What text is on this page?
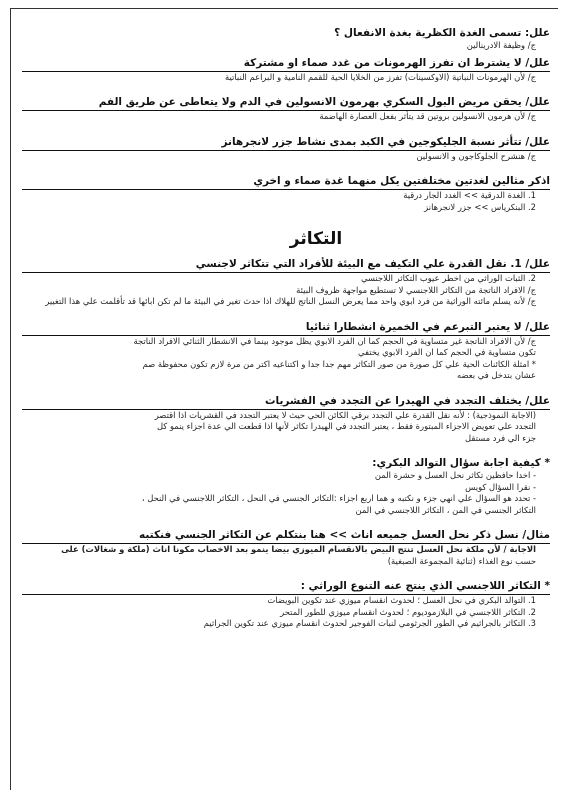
علل: تسمى الغدة الكظرية بغدة الانفعال ؟

ج/ وظيفة الادرينالين

علل/ لا يشترط ان تفرز الهرمونات من غدد صماء او مشتركة

ج/ لأن الهرمونات النباتية (الاوكسينات) تفرز من الخلايا الحية للقمم النامية و البراعم النباتية

علل/ يحقن مريض البول السكري بهرمون الانسولين في الدم ولا يتعاطى عن طريق الفم

ج/ لأن هرمون الانسولين بروتين قد يتأثر بفعل العصارة الهاضمة

علل/ تتأثر نسبة الجليكوجين في الكبد بمدى نشاط جزر لانجرهانز

ج/ هنشرح الجلوكاجون و الانسولين

اذكر مثالين لغدتين مختلفتين يكل منهما غدة صماء و اخري

1. الغدة الدرقية >> الغدد الجار درقية

2. البنكرياس >> جزر لانجرهانز

التكاثر

علل/ 1. نقل القدرة علي التكيف مع البيئة للأفراد التي تتكاثر لاجنسي

2. الثبات الوراثي من اخطر عيوب التكاثر اللاجنسي

ج/ الافراد الناتجة من التكاثر اللاجنسي لا تستطيع مواجهة ظروف البيئة

ج/ لأنه يسلم مائته الوراثية من فرد ابوي واحد مما يعرض النسل الناتج للهلاك اذا حدث تغير في البيئة ما لم تكن ابائها قد تأقلمت علي هذا التغيير

علل/ لا يعتبر التبرعم في الخميرة انشطارا ثنائيا

ج/ لأن الافراد الناتجة غير متساوية في الحجم كما ان الفرد الابوي يظل موجود بينما في الانشطار الثنائي الافراد الناتجة

تكون متساوية في الحجم كما ان الفرد الابوي يختفي

* امثلة الكائنات الحية علي كل صورة من صور التكاثر مهم جدا جدا و اكتناعيه اكتر من مرة لازم تكون محفوظة صم

عشان بتدخل في بعضه

علل/ يختلف التجدد في الهيدرا عن التجدد في الفشريات

(الاجابة النموذجية) : لأنه نقل القدرة علي التجدد برقي الكائن الحي حيث لا يعتبر التجدد في القشريات اذا اقتصر

التجدد علي تعويض الاجزاء المبتورة فقط ، يعتبر التجدد في الهيدرا تكاثر لأنها اذا قطعت الي عدة اجزاء ينمو كل

جزء الي فرد مستقل

* كيفية اجابة سؤال التوالد البكري:

- اخدا حافظين تكاثر نحل العسل و حشرة المن

- نقرا السؤال كويس

- تحدد هو السؤال علي انهي جزء و نكتبه و هما اربع اجزاء :التكاثر الجنسي في النحل ، التكاثر اللاجنسي في النحل ،

التكاثر الجنسي في المن ، التكاثر اللاجنسي في المن

مثال/ نسل ذكر نحل العسل جميعه اناث >> هنا بنتكلم عن التكاثر الجنسي فنكتبه

الاجابة / لأن ملكة نحل العسل تنتج البيض بالانقسام الميوزي بيضا ينمو بعد الاخصاب مكونا اناث (ملكة و شغالات) على

حسب نوع الغذاء (ثنائية المجموعة الصبغية)

* التكاثر اللاجنسي الذي ينتج عنه التنوع الوراثي :

1. التوالد البكري في نحل العسل ؛ لحدوث انقسام ميوزي عند تكوين البويضات

2. التكاثر اللاجنسي في البلازموديوم ؛ لحدوث انقسام ميوزي للطور المتحر

3. التكاثر بالجراثيم في الطور الجرثومي لنبات الفوجير لحدوث انقسام ميوزي عند تكوين الجراثيم
